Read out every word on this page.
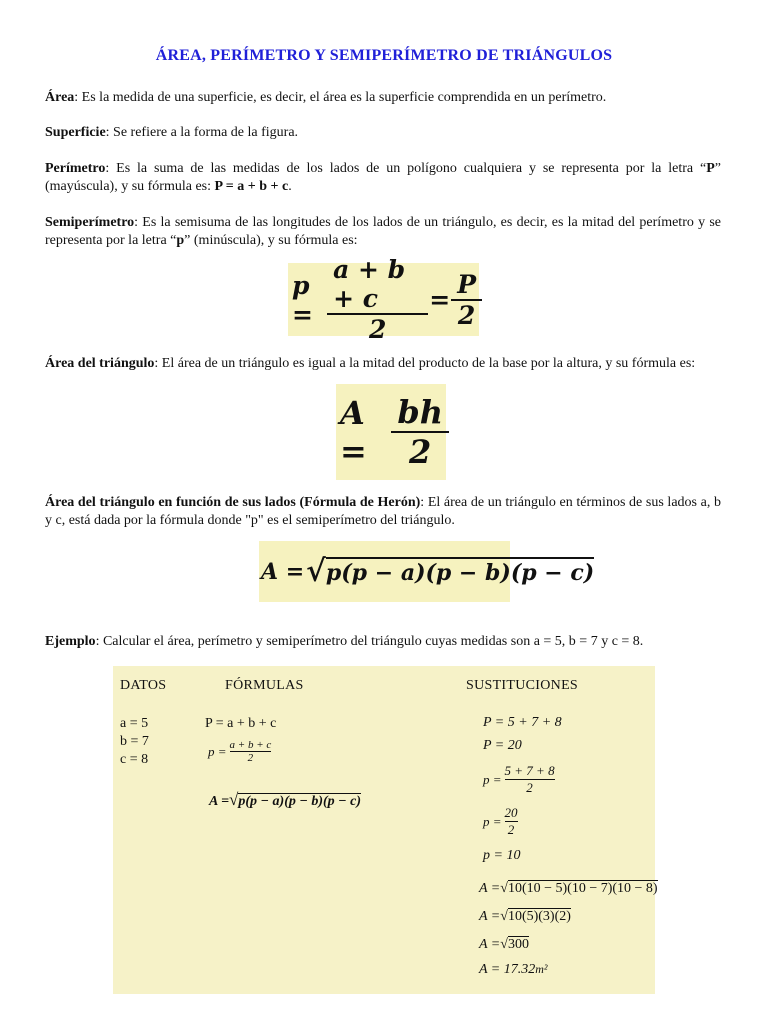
ÁREA, PERÍMETRO Y SEMIPERÍMETRO DE TRIÁNGULOS
Área: Es la medida de una superficie, es decir, el área es la superficie comprendida en un perímetro.
Superficie: Se refiere a la forma de la figura.
Perímetro: Es la suma de las medidas de los lados de un polígono cualquiera y se representa por la letra “P” (mayúscula), y su fórmula es: P = a + b + c.
Semiperímetro: Es la semisuma de las longitudes de los lados de un triángulo, es decir, es la mitad del perímetro y se representa por la letra “p” (minúscula), y su fórmula es:
$p = \frac{a + b + c}{2} = \frac{P}{2}$
Área del triángulo: El área de un triángulo es igual a la mitad del producto de la base por la altura, y su fórmula es:
$A = \frac{bh}{2}$
Área del triángulo en función de sus lados (Fórmula de Herón): El área de un triángulo en términos de sus lados a, b y c, está dada por la fórmula donde "p" es el semiperímetro del triángulo.
A = √ p(p − a)(p − b)(p − c)
Ejemplo: Calcular el área, perímetro y semiperímetro del triángulo cuyas medidas son a = 5, b = 7 y c = 8.
DATOS	FÓRMULAS	SUSTITUCIONES
a = 5
b = 7
c = 8
P = a + b + c
$p = \frac{a + b + c}{2}$
A =√p(p − a)(p − b)(p − c)
P = 5 + 7 + 8
P = 20
$p = \frac{5 + 7 + 8}{2}$
$p = \frac{20}{2}$
p = 10
A =√10(10 − 5)(10 − 7)(10 − 8)
A =√10(5)(3)(2)
A =√300
A = 17.32m²
